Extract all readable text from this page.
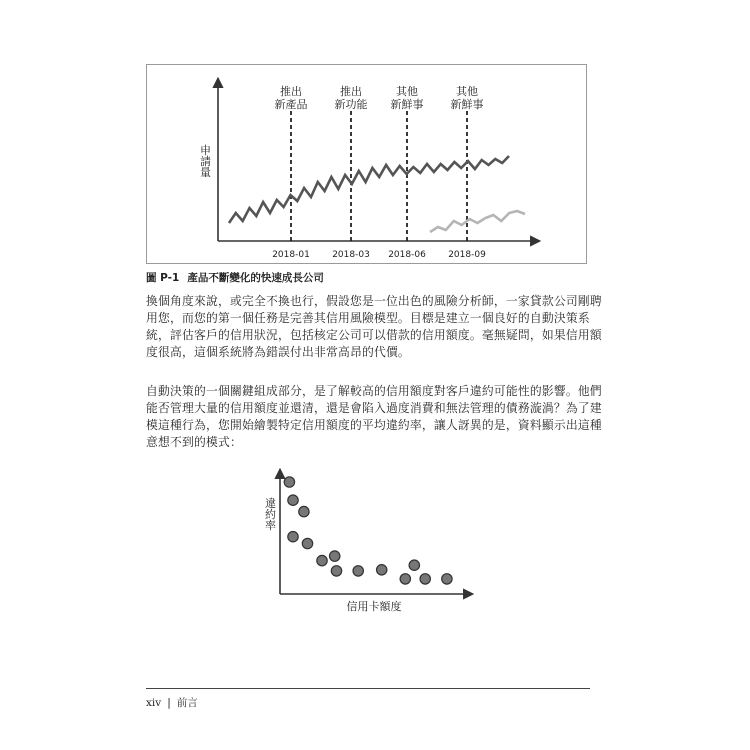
申請量
推出
新產品
推出
新功能
其他
新鮮事
其他
新鮮事
2018-01 2018-03 2018-06 2018-09
圖 P-1 產品不斷變化的快速成長公司

換個角度來說，或完全不換也行，假設您是一位出色的風險分析師，一家貸款公司剛聘
用您，而您的第一個任務是完善其信用風險模型。目標是建立一個良好的自動決策系
統，評估客戶的信用狀況，包括核定公司可以借款的信用額度。毫無疑問，如果信用額
度很高，這個系統將為錯誤付出非常高昂的代價。

自動決策的一個關鍵組成部分，是了解較高的信用額度對客戶違約可能性的影響。他們
能否管理大量的信用額度並還清，還是會陷入過度消費和無法管理的債務漩渦？為了建
模這種行為，您開始繪製特定信用額度的平均違約率，讓人訝異的是，資料顯示出這種
意想不到的模式：

違約率
信用卡額度
xiv | 前言
